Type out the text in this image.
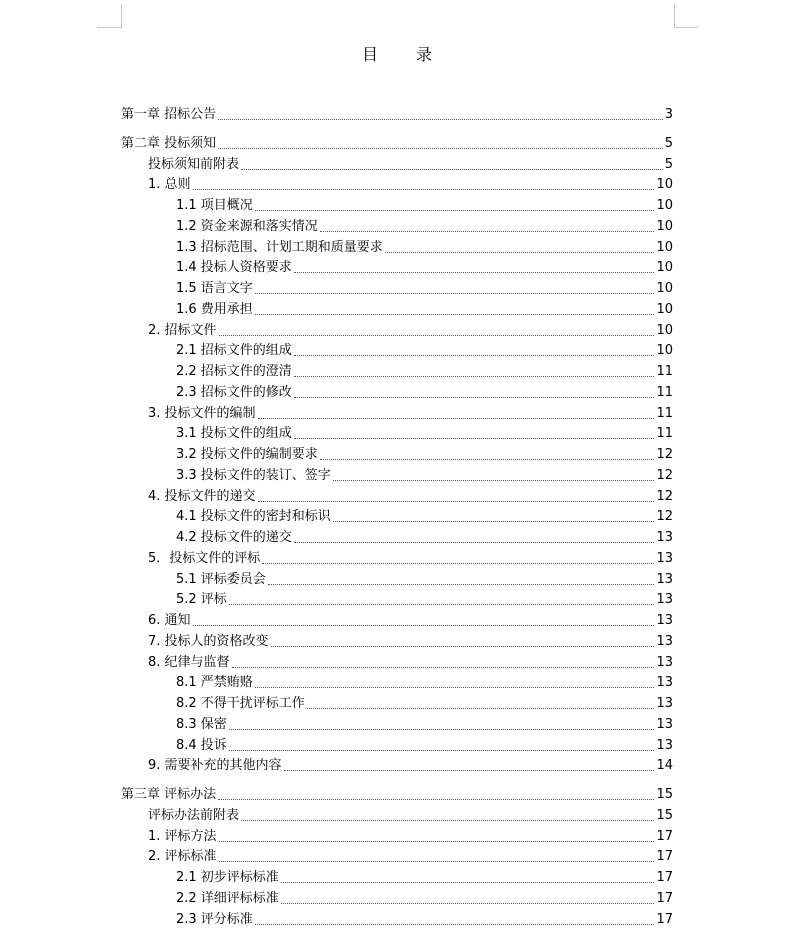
目 录
第一章 招标公告	3
第二章 投标须知	5
投标须知前附表	5
1. 总则	10
1.1 项目概况	10
1.2 资金来源和落实情况	10
1.3 招标范围、计划工期和质量要求	10
1.4 投标人资格要求	10
1.5 语言文字	10
1.6 费用承担	10
2. 招标文件	10
2.1 招标文件的组成	10
2.2 招标文件的澄清	11
2.3 招标文件的修改	11
3. 投标文件的编制	11
3.1 投标文件的组成	11
3.2 投标文件的编制要求	12
3.3 投标文件的装订、签字	12
4. 投标文件的递交	12
4.1 投标文件的密封和标识	12
4.2 投标文件的递交	13
5．投标文件的评标	13
5.1 评标委员会	13
5.2 评标	13
6. 通知	13
7. 投标人的资格改变	13
8. 纪律与监督	13
8.1 严禁贿赂	13
8.2 不得干扰评标工作	13
8.3 保密	13
8.4 投诉	13
9. 需要补充的其他内容	14
第三章 评标办法	15
评标办法前附表	15
1. 评标方法	17
2. 评标标准	17
2.1 初步评标标准	17
2.2 详细评标标准	17
2.3 评分标准	17
